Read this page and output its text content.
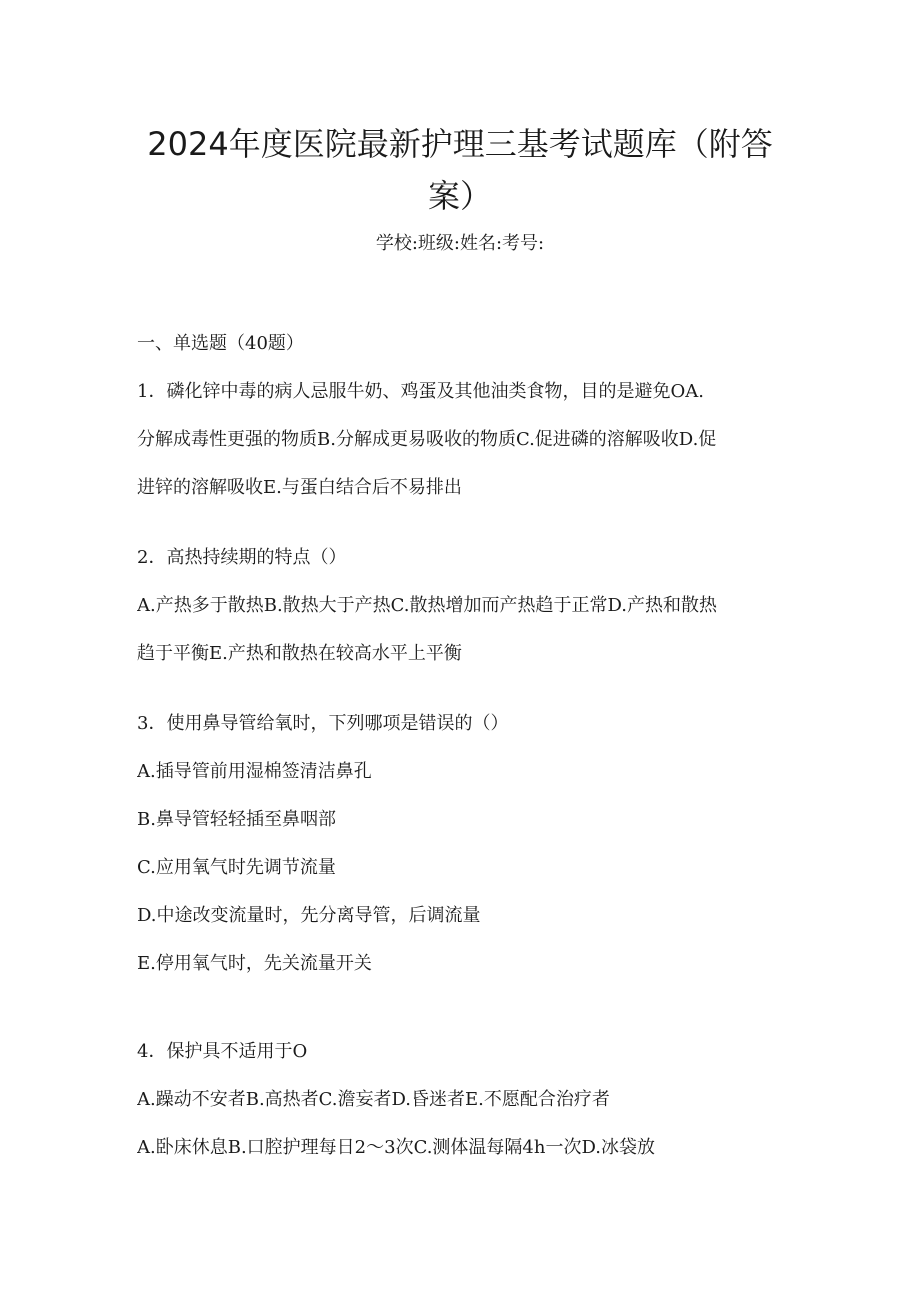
2024年度医院最新护理三基考试题库（附答
案）
学校:班级:姓名:考号:
一、单选题（40题）
1．磷化锌中毒的病人忌服牛奶、鸡蛋及其他油类食物，目的是避免OA.
分解成毒性更强的物质B.分解成更易吸收的物质C.促进磷的溶解吸收D.促
进锌的溶解吸收E.与蛋白结合后不易排出
2．高热持续期的特点（）
A.产热多于散热B.散热大于产热C.散热增加而产热趋于正常D.产热和散热
趋于平衡E.产热和散热在较高水平上平衡
3．使用鼻导管给氧时，下列哪项是错误的（）
A.插导管前用湿棉签清洁鼻孔
B.鼻导管轻轻插至鼻咽部
C.应用氧气时先调节流量
D.中途改变流量时，先分离导管，后调流量
E.停用氧气时，先关流量开关
4．保护具不适用于O
A.躁动不安者B.高热者C.澹妄者D.昏迷者E.不愿配合治疗者
A.卧床休息B.口腔护理每日2～3次C.测体温每隔4h一次D.冰袋放
